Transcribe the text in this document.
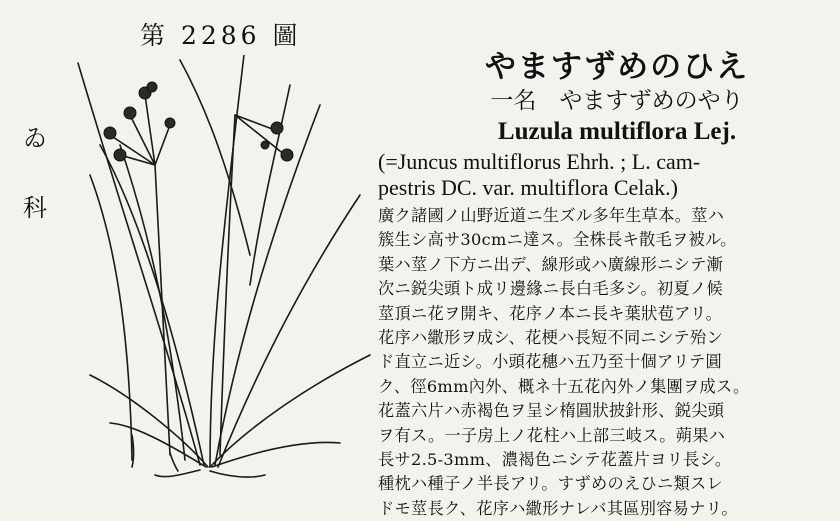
第 2286 圖
ゐ
科
やますずめのひえ
一名　やますずめのやり
Luzula multiflora Lej.
(=Juncus multiflorus Ehrh. ; L. cam-
pestris DC. var. multiflora Celak.)
廣ク諸國ノ山野近道ニ生ズル多年生草本。莖ハ
簇生シ高サ30cmニ達ス。全株長キ散毛ヲ被ル。
葉ハ莖ノ下方ニ出デ、線形或ハ廣線形ニシテ漸
次ニ鋭尖頭ト成リ邊緣ニ長白毛多シ。初夏ノ候
莖頂ニ花ヲ開キ、花序ノ本ニ長キ葉狀苞アリ。
花序ハ繖形ヲ成シ、花梗ハ長短不同ニシテ殆ン
ド直立ニ近シ。小頭花穗ハ五乃至十個アリテ圓
ク、徑6mm內外、概ネ十五花內外ノ集團ヲ成ス。
花蓋六片ハ赤褐色ヲ呈シ楕圓狀披針形、鋭尖頭
ヲ有ス。一子房上ノ花柱ハ上部三岐ス。蒴果ハ
長サ2.5-3mm、濃褐色ニシテ花蓋片ヨリ長シ。
種枕ハ種子ノ半長アリ。すずめのえひニ類スレ
ドモ莖長ク、花序ハ繖形ナレバ其區別容易ナリ。
